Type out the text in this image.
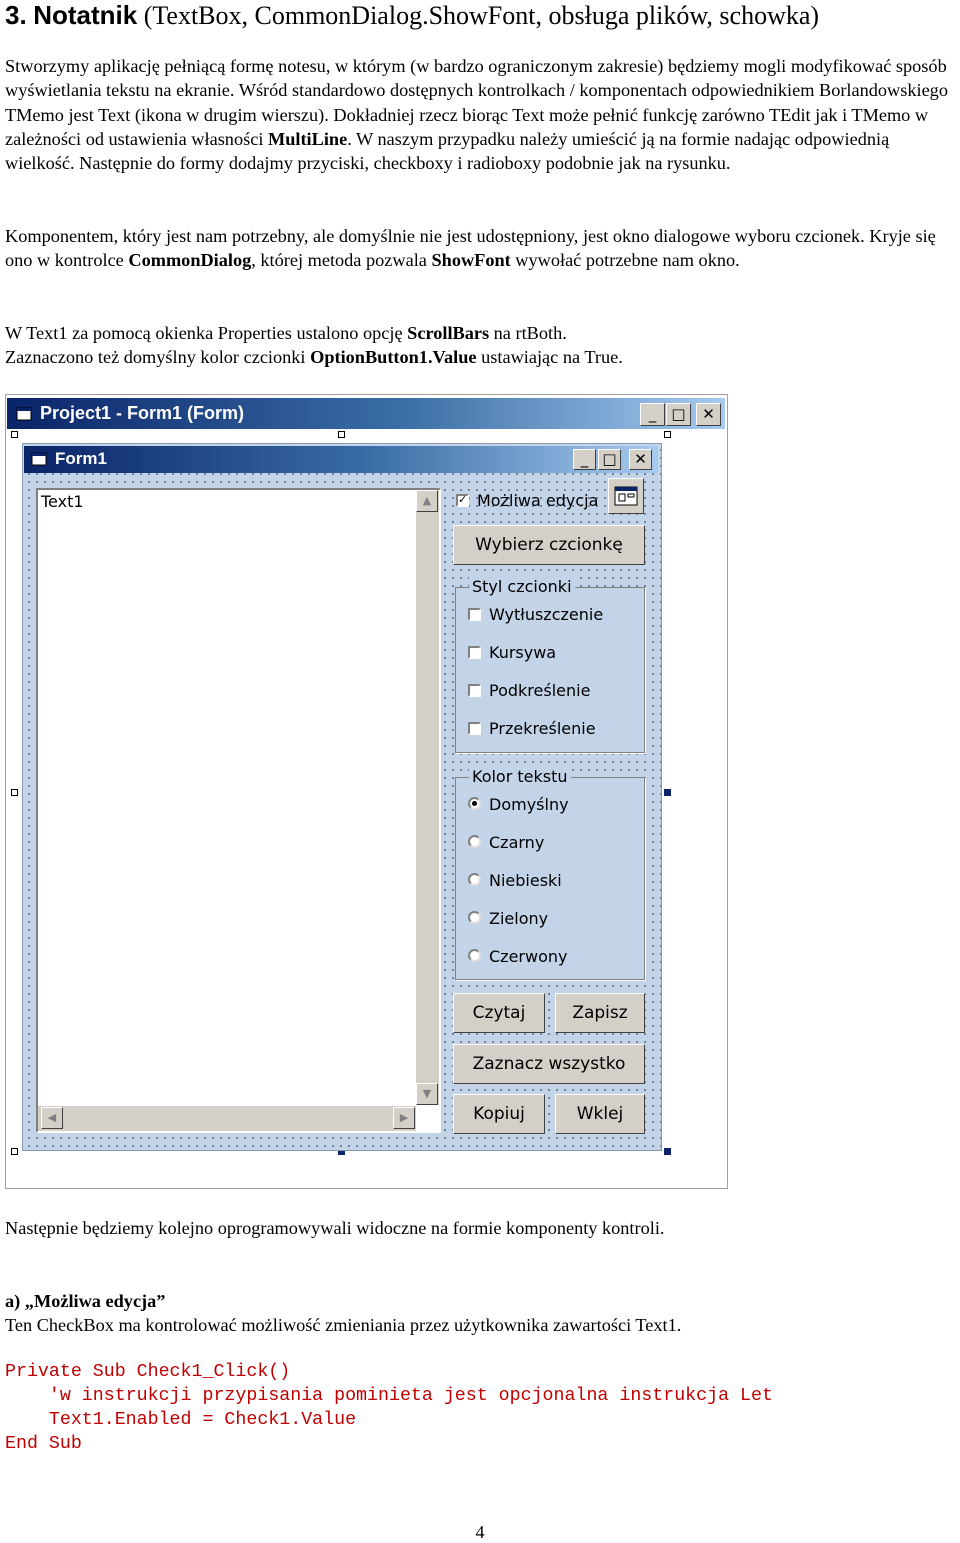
3. Notatnik (TextBox, CommonDialog.ShowFont, obsługa plików, schowka)
Stworzymy aplikację pełniącą formę notesu, w którym (w bardzo ograniczonym zakresie) będziemy mogli modyfikować sposób wyświetlania tekstu na ekranie. Wśród standardowo dostępnych kontrolkach / komponentach odpowiednikiem Borlandowskiego TMemo jest Text (ikona w drugim wierszu). Dokładniej rzecz biorąc Text może pełnić funkcję zarówno TEdit jak i TMemo w zależności od ustawienia własności MultiLine. W naszym przypadku należy umieścić ją na formie nadając odpowiednią wielkość. Następnie do formy dodajmy przyciski, checkboxy i radioboxy podobnie jak na rysunku.
Komponentem, który jest nam potrzebny, ale domyślnie nie jest udostępniony, jest okno dialogowe wyboru czcionek. Kryje się ono w kontrolce CommonDialog, której metoda pozwala ShowFont wywołać potrzebne nam okno.
W Text1 za pomocą okienka Properties ustalono opcję ScrollBars na rtBoth.
Zaznaczono też domyślny kolor czcionki OptionButton1.Value ustawiając na True.
Project1 - Form1 (Form)	_	□	✕
Form1	_ □	✕
Text1	▲
▼
◀	▶
✓ Możliwa edycja
Wybierz czcionkę
Styl czcionki
Wytłuszczenie
Kursywa
Podkreślenie
Przekreślenie
Kolor tekstu
Domyślny
Czarny
Niebieski
Zielony
Czerwony
Czytaj	Zapisz
Zaznacz wszystko
Kopiuj	Wklej
Następnie będziemy kolejno oprogramowywali widoczne na formie komponenty kontroli.
a) „Możliwa edycja”
Ten CheckBox ma kontrolować możliwość zmieniania przez użytkownika zawartości Text1.
Private Sub Check1_Click()
'w instrukcji przypisania pominieta jest opcjonalna instrukcja Let
Text1.Enabled = Check1.Value
End Sub
4
